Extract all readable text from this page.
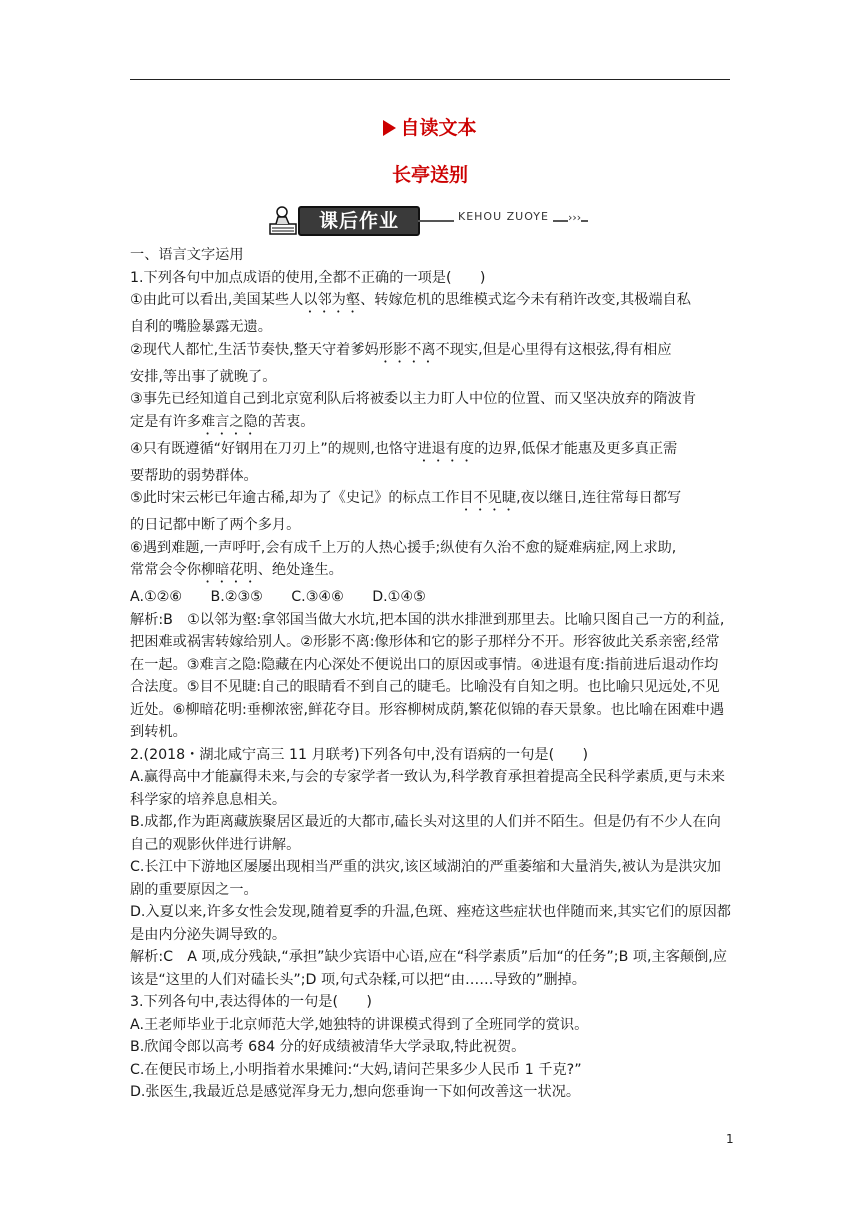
自读文本
长亭送别
课后作业	KEHOU ZUOYE	›››
一、语言文字运用
1.下列各句中加点成语的使用,全都不正确的一项是(　　)
①由此可以看出,美国某些人以邻为壑、转嫁危机的思维模式迄今未有稍许改变,其极端自私
自利的嘴脸暴露无遗。
②现代人都忙,生活节奏快,整天守着爹妈形影不离不现实,但是心里得有这根弦,得有相应
安排,等出事了就晚了。
③事先已经知道自己到北京宽利队后将被委以主力盯人中位的位置、而又坚决放弃的隋波肯
定是有许多难言之隐的苦衷。
④只有既遵循“好钢用在刀刃上”的规则,也恪守进退有度的边界,低保才能惠及更多真正需
要帮助的弱势群体。
⑤此时宋云彬已年逾古稀,却为了《史记》的标点工作目不见睫,夜以继日,连往常每日都写
的日记都中断了两个多月。
⑥遇到难题,一声呼吁,会有成千上万的人热心援手;纵使有久治不愈的疑难病症,网上求助,
常常会令你柳暗花明、绝处逢生。
A.①②⑥　　B.②③⑤　　C.③④⑥　　D.①④⑤
解析:B　①以邻为壑:拿邻国当做大水坑,把本国的洪水排泄到那里去。比喻只图自己一方的利益,把困难或祸害转嫁给别人。②形影不离:像形体和它的影子那样分不开。形容彼此关系亲密,经常在一起。③难言之隐:隐藏在内心深处不便说出口的原因或事情。④进退有度:指前进后退动作均合法度。⑤目不见睫:自己的眼睛看不到自己的睫毛。比喻没有自知之明。也比喻只见远处,不见近处。⑥柳暗花明:垂柳浓密,鲜花夺目。形容柳树成荫,繁花似锦的春天景象。也比喻在困难中遇到转机。
2.(2018・湖北咸宁高三 11 月联考)下列各句中,没有语病的一句是(　　)
A.赢得高中才能赢得未来,与会的专家学者一致认为,科学教育承担着提高全民科学素质,更与未来科学家的培养息息相关。
B.成都,作为距离藏族聚居区最近的大都市,磕长头对这里的人们并不陌生。但是仍有不少人在向自己的观影伙伴进行讲解。
C.长江中下游地区屡屡出现相当严重的洪灾,该区域湖泊的严重萎缩和大量消失,被认为是洪灾加剧的重要原因之一。
D.入夏以来,许多女性会发现,随着夏季的升温,色斑、痤疮这些症状也伴随而来,其实它们的原因都是由内分泌失调导致的。
解析:C　A 项,成分残缺,“承担”缺少宾语中心语,应在“科学素质”后加“的任务”;B 项,主客颠倒,应该是“这里的人们对磕长头”;D 项,句式杂糅,可以把“由……导致的”删掉。
3.下列各句中,表达得体的一句是(　　)
A.王老师毕业于北京师范大学,她独特的讲课模式得到了全班同学的赏识。
B.欣闻令郎以高考 684 分的好成绩被清华大学录取,特此祝贺。
C.在便民市场上,小明指着水果摊问:“大妈,请问芒果多少人民币 1 千克?”
D.张医生,我最近总是感觉浑身无力,想向您垂询一下如何改善这一状况。
1
